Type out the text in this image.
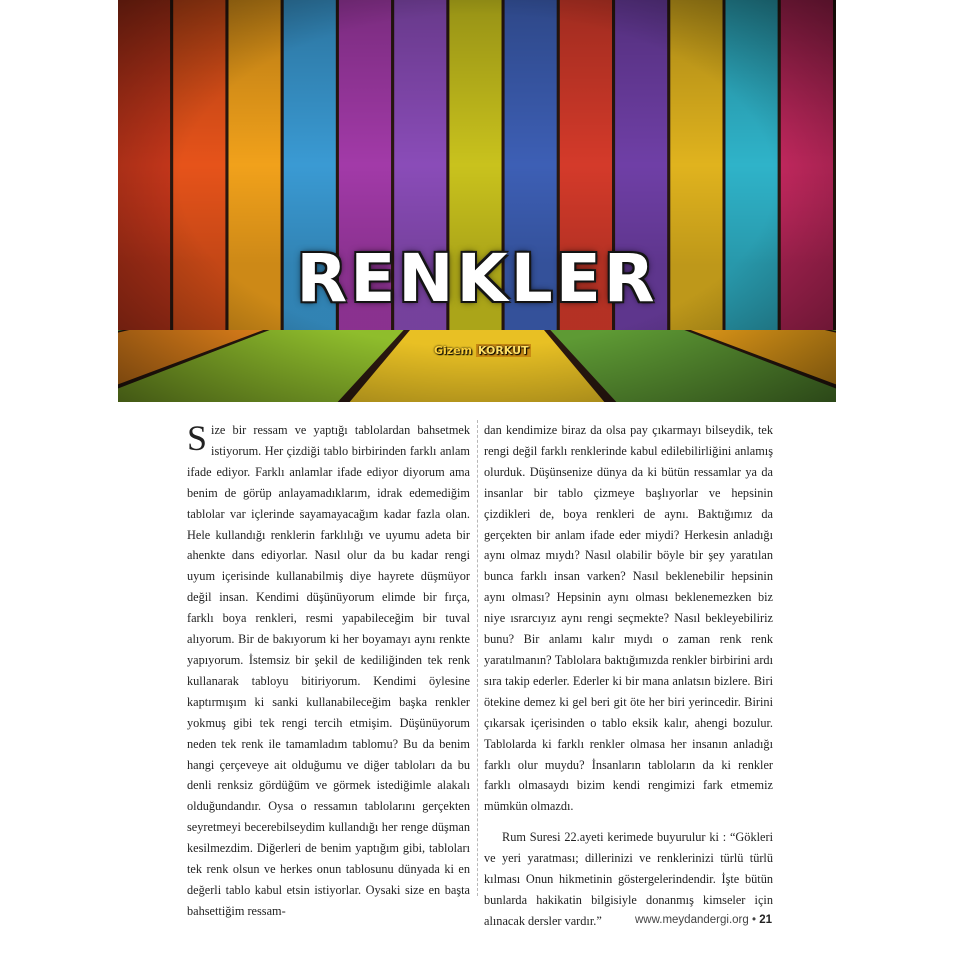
RENKLER
Gizem KORKUT

Size bir ressam ve yaptığı tablolardan bahsetmek istiyorum. Her çizdiği tablo birbirinden farklı anlam ifade ediyor. Farklı anlamlar ifade ediyor diyorum ama benim de görüp anlayamadıklarım, idrak edemediğim tablolar var içlerinde sayamayacağım kadar fazla olan. Hele kullandığı renklerin farklılığı ve uyumu adeta bir ahenkte dans ediyorlar. Nasıl olur da bu kadar rengi uyum içerisinde kullanabilmiş diye hayrete düşmüyor değil insan. Kendimi düşünüyorum elimde bir fırça, farklı boya renkleri, resmi yapabileceğim bir tuval alıyorum. Bir de bakıyorum ki her boyamayı aynı renkte yapıyorum. İstemsiz bir şekil de kediliğinden tek renk kullanarak tabloyu bitiriyorum. Kendimi öylesine kaptırmışım ki sanki kullanabileceğim başka renkler yokmuş gibi tek rengi tercih etmişim. Düşünüyorum neden tek renk ile tamamladım tablomu? Bu da benim hangi çerçeveye ait olduğumu ve diğer tabloları da bu denli renksiz gördüğüm ve görmek istediğimle alakalı olduğundandır. Oysa o ressamın tablolarını gerçekten seyretmeyi becerebilseydim kullandığı her renge düşman kesilmezdim. Diğerleri de benim yaptığım gibi, tabloları tek renk olsun ve herkes onun tablosunu dünyada ki en değerli tablo kabul etsin istiyorlar. Oysaki size en başta bahsettiğim ressam-

dan kendimize biraz da olsa pay çıkarmayı bilseydik, tek rengi değil farklı renklerinde kabul edilebilirliğini anlamış olurduk. Düşünsenize dünya da ki bütün ressamlar ya da insanlar bir tablo çizmeye başlıyorlar ve hepsinin çizdikleri de, boya renkleri de aynı. Baktığımız da gerçekten bir anlam ifade eder miydi? Herkesin anladığı aynı olmaz mıydı? Nasıl olabilir böyle bir şey yaratılan bunca farklı insan varken? Nasıl beklenebilir hepsinin aynı olması? Hepsinin aynı olması beklenemezken biz niye ısrarcıyız aynı rengi seçmekte? Nasıl bekleyebiliriz bunu? Bir anlamı kalır mıydı o zaman renk renk yaratılmanın? Tablolara baktığımızda renkler birbirini ardı sıra takip ederler. Ederler ki bir mana anlatsın bizlere. Biri ötekine demez ki gel beri git öte her biri yerincedir. Birini çıkarsak içerisinden o tablo eksik kalır, ahengi bozulur. Tablolarda ki farklı renkler olmasa her insanın anladığı farklı olur muydu? İnsanların tabloların da ki renkler farklı olmasaydı bizim kendi rengimizi fark etmemiz mümkün olmazdı.

Rum Suresi 22.ayeti kerimede buyurulur ki : “Gökleri ve yeri yaratması; dillerinizi ve renklerinizi türlü türlü kılması Onun hikmetinin göstergelerindendir. İşte bütün bunlarda hakikatin bilgisiyle donanmış kimseler için alınacak dersler vardır.”	www.meydandergi.org • 21
